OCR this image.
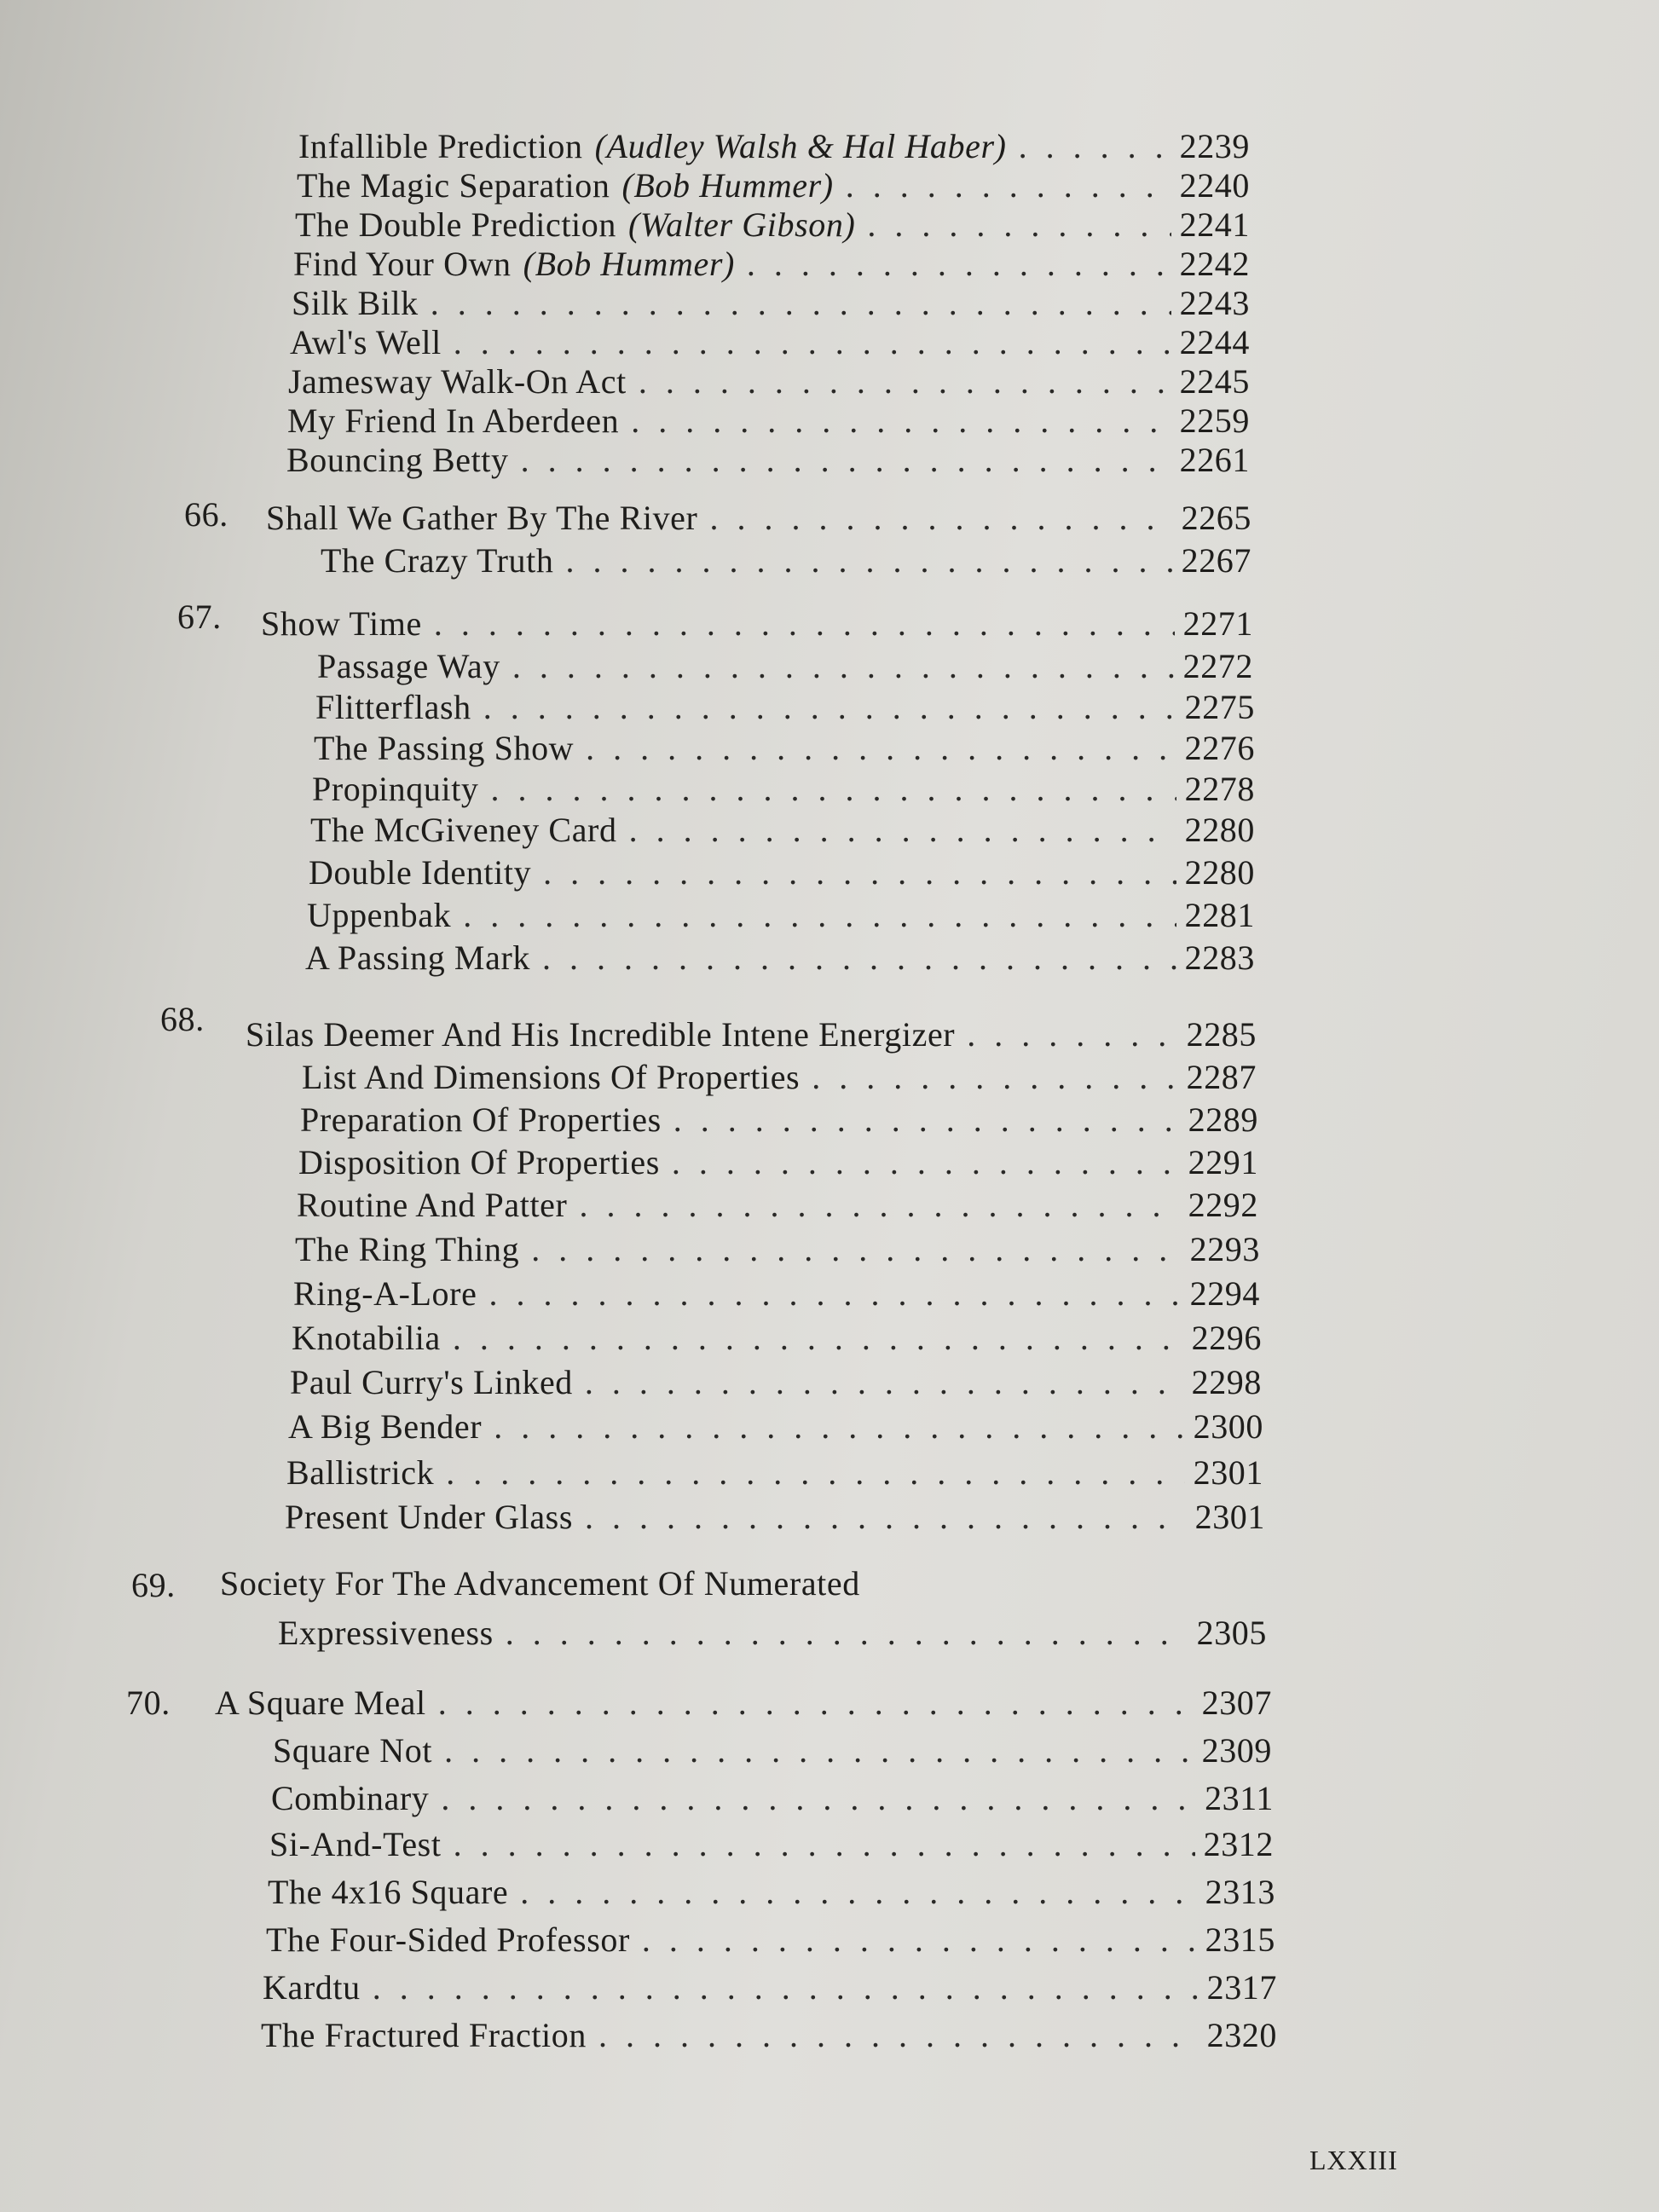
Infallible Prediction (Audley Walsh & Hal Haber) . . .	2239
The Magic Separation (Bob Hummer) . . .	2240
The Double Prediction (Walter Gibson) . . .	2241
Find Your Own (Bob Hummer) . . .	2242
Silk Bilk . . .	2243
Awl's Well . . .	2244
Jamesway Walk-On Act . . .	2245
My Friend In Aberdeen . . .	2259
Bouncing Betty . . .	2261
66. Shall We Gather By The River . . .	2265
The Crazy Truth . . .	2267
67. Show Time . . .	2271
Passage Way . . .	2272
Flitterflash . . .	2275
The Passing Show . . .	2276
Propinquity . . .	2278
The McGiveney Card . . .	2280
Double Identity . . .	2280
Uppenbak . . .	2281
A Passing Mark . . .	2283
68. Silas Deemer And His Incredible Intene Energizer . . .	2285
List And Dimensions Of Properties . . .	2287
Preparation Of Properties . . .	2289
Disposition Of Properties . . .	2291
Routine And Patter . . .	2292
The Ring Thing . . .	2293
Ring-A-Lore . . .	2294
Knotabilia . . .	2296
Paul Curry's Linked . . .	2298
A Big Bender . . .	2300
Ballistrick . . .	2301
Present Under Glass . . .	2301
69. Society For The Advancement Of Numerated
Expressiveness . . .	2305
70. A Square Meal . . .	2307
Square Not . . .	2309
Combinary . . .	2311
Si-And-Test . . .	2312
The 4x16 Square . . .	2313
The Four-Sided Professor . . .	2315
Kardtu . . .	2317
The Fractured Fraction . . .	2320
LXXIII
